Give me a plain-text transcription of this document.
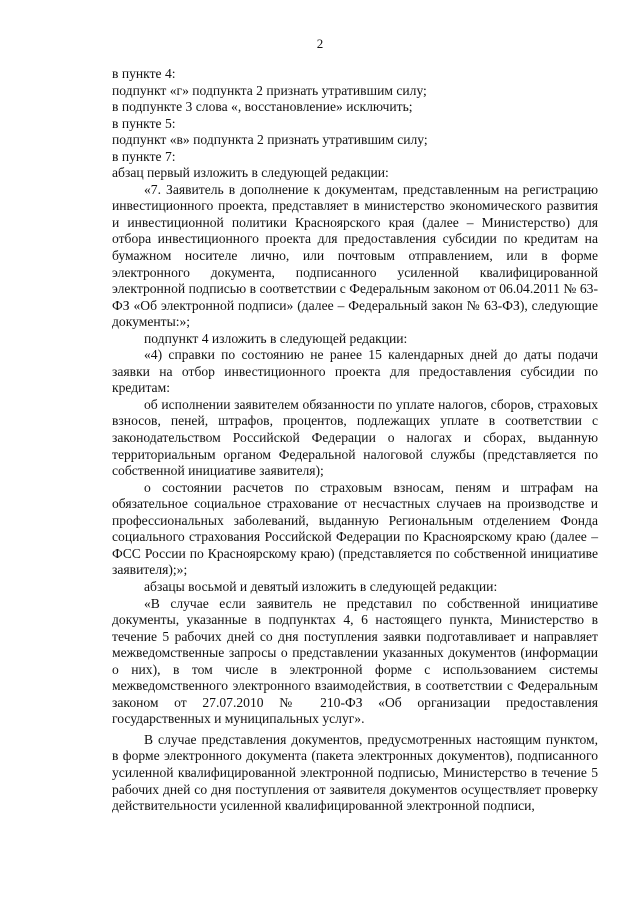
2

в пункте 4:

подпункт «г» подпункта 2 признать утратившим силу;

в подпункте 3 слова «, восстановление» исключить;

в пункте 5:

подпункт «в» подпункта 2 признать утратившим силу;

в пункте 7:

абзац первый изложить в следующей редакции:

«7. Заявитель в дополнение к документам, представленным на регистрацию инвестиционного проекта, представляет в министерство экономического развития и инвестиционной политики Красноярского края (далее – Министерство) для отбора инвестиционного проекта для предоставления субсидии по кредитам на бумажном носителе лично, или почтовым отправлением, или в форме электронного документа, подписанного усиленной квалифицированной электронной подписью в соответствии с Федеральным законом от 06.04.2011 № 63-ФЗ «Об электронной подписи» (далее – Федеральный закон № 63-ФЗ), следующие документы:»;

подпункт 4 изложить в следующей редакции:

«4) справки по состоянию не ранее 15 календарных дней до даты подачи заявки на отбор инвестиционного проекта для предоставления субсидии по кредитам:

об исполнении заявителем обязанности по уплате налогов, сборов, страховых взносов, пеней, штрафов, процентов, подлежащих уплате в соответствии с законодательством Российской Федерации о налогах и сборах, выданную территориальным органом Федеральной налоговой службы (представляется по собственной инициативе заявителя);

о состоянии расчетов по страховым взносам, пеням и штрафам на обязательное социальное страхование от несчастных случаев на производстве и профессиональных заболеваний, выданную Региональным отделением Фонда социального страхования Российской Федерации по Красноярскому краю (далее – ФСС России по Красноярскому краю) (представляется по собственной инициативе заявителя);»;

абзацы восьмой и девятый изложить в следующей редакции:

«В случае если заявитель не представил по собственной инициативе документы, указанные в подпунктах 4, 6 настоящего пункта, Министерство в течение 5 рабочих дней со дня поступления заявки подготавливает и направляет межведомственные запросы о представлении указанных документов (информации о них), в том числе в электронной форме с использованием системы межведомственного электронного взаимодействия, в соответствии с Федеральным законом от 27.07.2010 № 210-ФЗ «Об организации предоставления государственных и муниципальных услуг».

В случае представления документов, предусмотренных настоящим пунктом, в форме электронного документа (пакета электронных документов), подписанного усиленной квалифицированной электронной подписью, Министерство в течение 5 рабочих дней со дня поступления от заявителя документов осуществляет проверку действительности усиленной квалифицированной электронной подписи,
